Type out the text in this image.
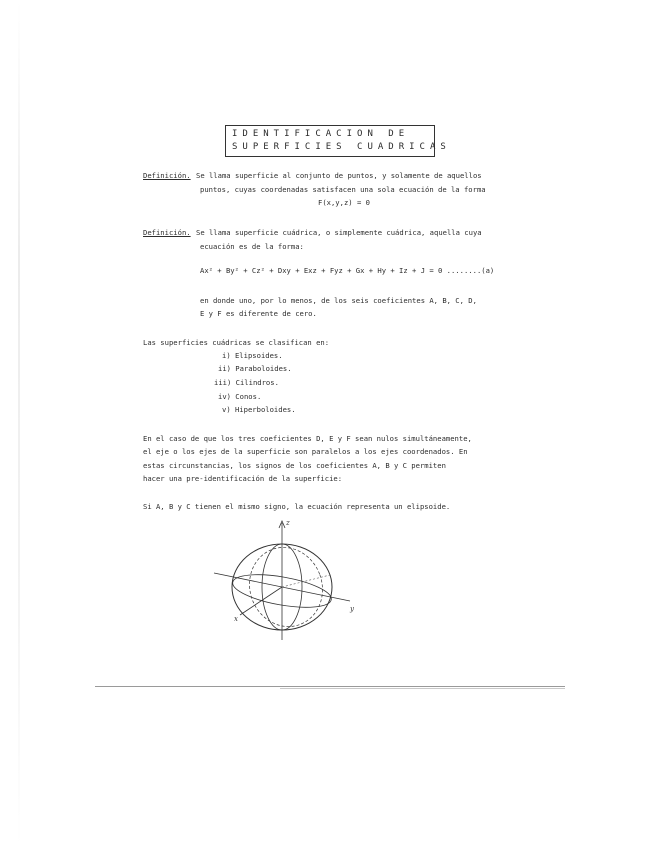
IDENTIFICACION DE
SUPERFICIES CUADRICAS
Definición. Se llama superficie al conjunto de puntos, y solamente de aquellos
puntos, cuyas coordenadas satisfacen una sola ecuación de la forma
F(x,y,z) = 0
Definición. Se llama superficie cuádrica, o simplemente cuádrica, aquella cuya
ecuación es de la forma:
Ax² + By² + Cz² + Dxy + Exz + Fyz + Gx + Hy + Iz + J = 0 ........(a)
en donde uno, por lo menos, de los seis coeficientes A, B, C, D,
E y F es diferente de cero.
Las superficies cuádricas se clasifican en:
i) Elipsoides.
ii) Paraboloides.
iii) Cilindros.
iv) Conos.
v) Hiperboloides.
En el caso de que los tres coeficientes D, E y F sean nulos simultáneamente,
el eje o los ejes de la superficie son paralelos a los ejes coordenados. En
estas circunstancias, los signos de los coeficientes A, B y C permiten
hacer una pre-identificación de la superficie:
Si A, B y C tienen el mismo signo, la ecuación representa un elipsoide.
z
x
y
